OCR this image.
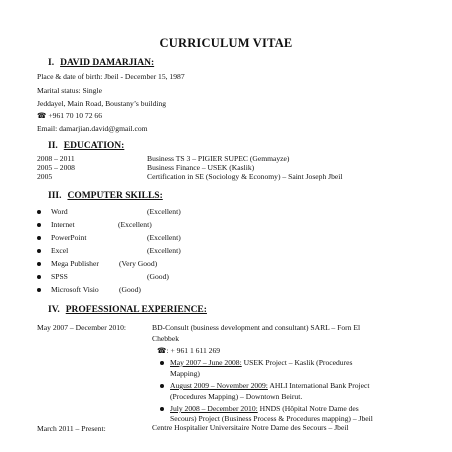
CURRICULUM VITAE
I. DAVID DAMARJIAN:
Place & date of birth: Jbeil - December 15, 1987
Marital status: Single
Jeddayel, Main Road, Boustany’s building
☎ +961 70 10 72 66
Email: damarjian.david@gmail.com
II. EDUCATION:
2008 – 2011	Business TS 3 – PIGIER SUPEC (Gemmayze)
2005 – 2008	Business Finance – USEK (Kaslik)
2005	Certification in SE (Sociology & Economy) – Saint Joseph Jbeil
III. COMPUTER SKILLS:
Word	(Excellent)
Internet	(Excellent)
PowerPoint	(Excellent)
Excel	(Excellent)
Mega Publisher	(Very Good)
SPSS	(Good)
Microsoft Visio	(Good)
IV. PROFESSIONAL EXPERIENCE:
May 2007 – December 2010:	BD-Consult (business development and consultant) SARL – Forn El
Chebbek
☎: + 961 1 611 269
May 2007 – June 2008: USEK Project – Kaslik (Procedures
Mapping)
August 2009 – November 2009: AHLI International Bank Project
(Procedures Mapping) – Downtown Beirut.
July 2008 – December 2010: HNDS (Hôpital Notre Dame des
Secours) Project (Business Process & Procedures mapping) – Jbeil
March 2011 – Present:	Centre Hospitalier Universitaire Notre Dame des Secours – Jbeil
